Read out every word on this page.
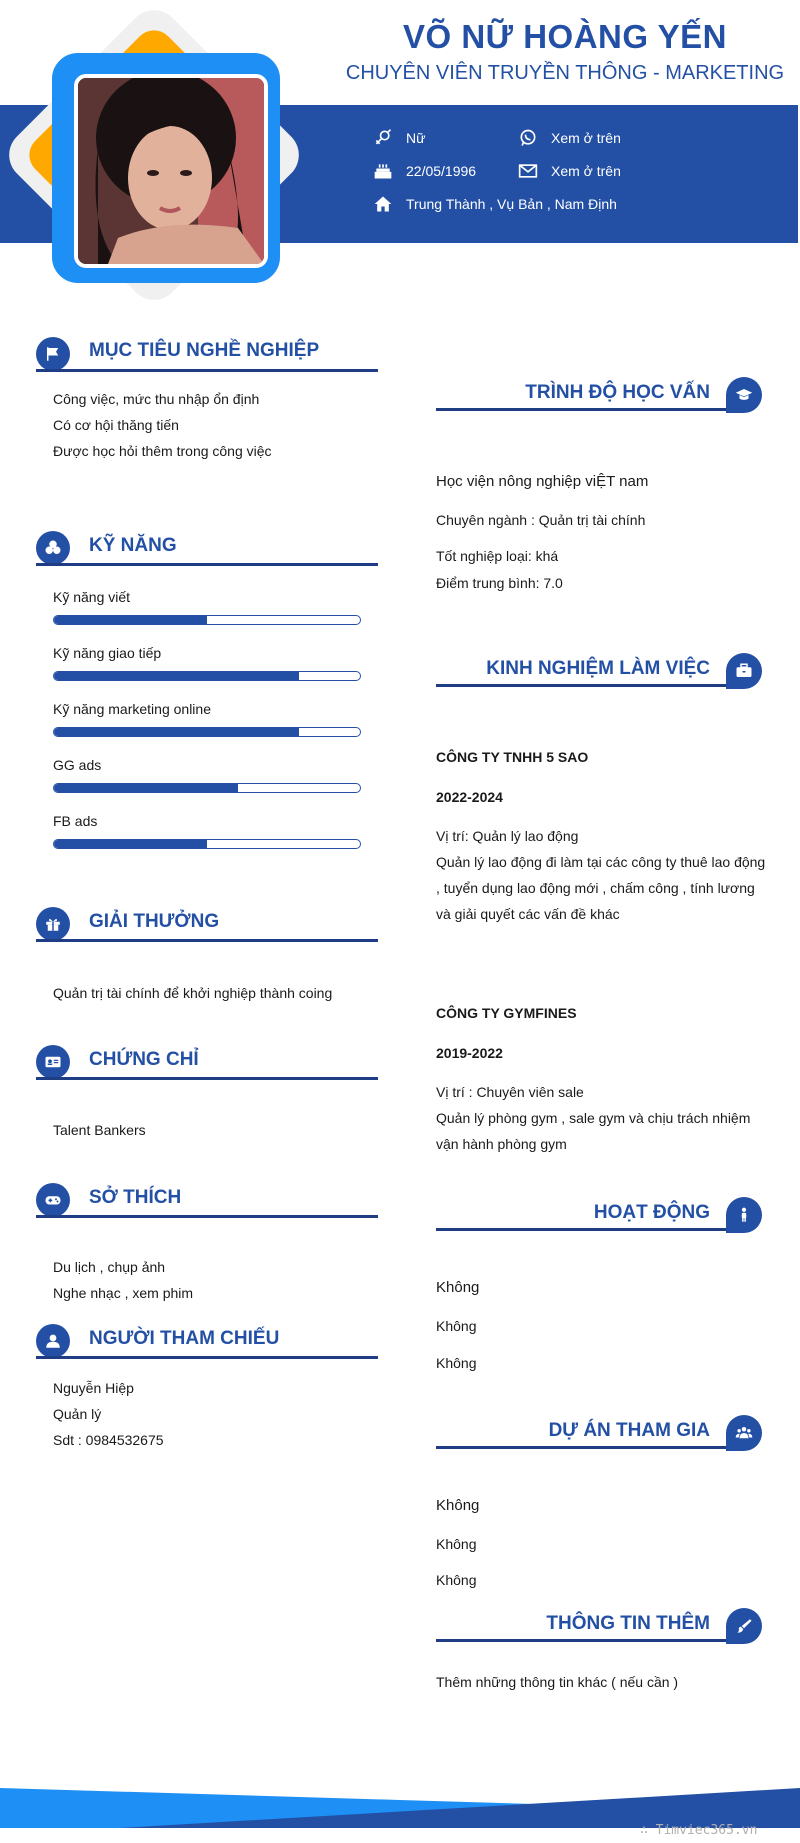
VÕ NỮ HOÀNG YẾN
CHUYÊN VIÊN TRUYỀN THÔNG - MARKETING
Nữ
22/05/1996
Trung Thành , Vụ Bản , Nam Định
Xem ở trên
Xem ở trên
MỤC TIÊU NGHỀ NGHIỆP
Công việc, mức thu nhập ổn định
Có cơ hội thăng tiến
Được học hỏi thêm trong công việc
KỸ NĂNG
Kỹ năng viết
Kỹ năng giao tiếp
Kỹ năng marketing online
GG ads
FB ads
GIẢI THƯỞNG
Quản trị tài chính để khởi nghiệp thành coing
CHỨNG CHỈ
Talent Bankers
SỞ THÍCH
Du lịch , chụp ảnh
Nghe nhạc , xem phim
NGƯỜI THAM CHIẾU
Nguyễn Hiệp
Quản lý
Sdt : 0984532675
TRÌNH ĐỘ HỌC VẤN
Học viện nông nghiệp viỆT nam
Chuyên ngành : Quản trị tài chính
Tốt nghiệp loại: khá
Điểm trung bình: 7.0
KINH NGHIỆM LÀM VIỆC
CÔNG TY TNHH 5 SAO
2022-2024
Vị trí: Quản lý lao động
Quản lý lao động đi làm tại các công ty thuê lao động , tuyển dụng lao động mới , chấm công , tính lương và giải quyết các vấn đề khác
CÔNG TY GYMFINES
2019-2022
Vị trí : Chuyên viên sale
Quản lý phòng gym , sale gym và chịu trách nhiệm vận hành phòng gym
HOẠT ĐỘNG
Không
Không
Không
DỰ ÁN THAM GIA
Không
Không
Không
THÔNG TIN THÊM
Thêm những thông tin khác ( nếu cần )
∴ Timviec365.vn
